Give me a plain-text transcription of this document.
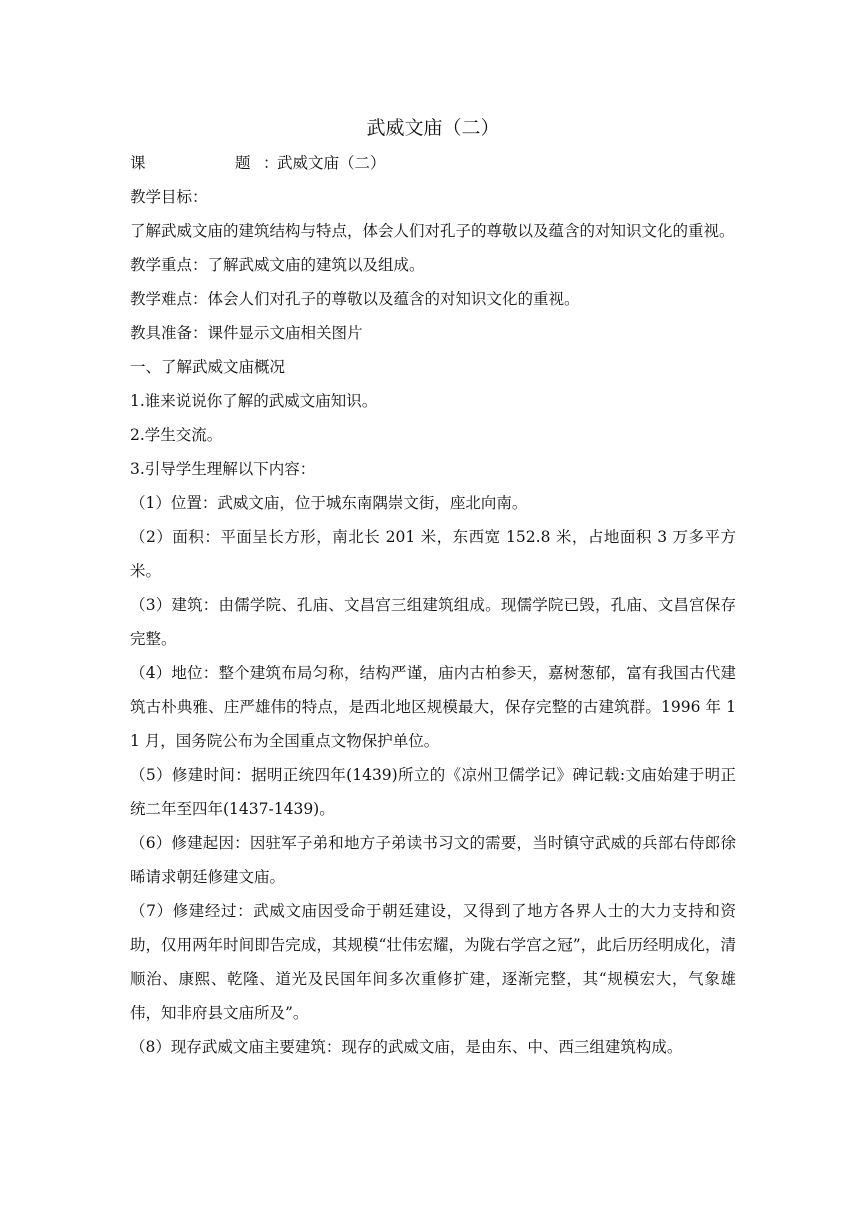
武威文庙（二）
课	题 ：
武威文庙（二）

教学目标：

了解武威文庙的建筑结构与特点，体会人们对孔子的尊敬以及蕴含的对知识文化的重视。

教学重点：了解武威文庙的建筑以及组成。

教学难点：体会人们对孔子的尊敬以及蕴含的对知识文化的重视。

教具准备：课件显示文庙相关图片

一、了解武威文庙概况

1.谁来说说你了解的武威文庙知识。

2.学生交流。

3.引导学生理解以下内容：

（1）位置：武威文庙，位于城东南隅崇文街，座北向南。

（2）面积：平面呈长方形，南北长 201 米，东西宽 152.8 米，占地面积 3 万多平方米。

（3）建筑：由儒学院、孔庙、文昌宫三组建筑组成。现儒学院已毁，孔庙、文昌宫保存完整。

（4）地位：整个建筑布局匀称，结构严谨，庙内古柏参天，嘉树葱郁，富有我国古代建筑古朴典雅、庄严雄伟的特点，是西北地区规模最大，保存完整的古建筑群。1996 年 11 月，国务院公布为全国重点文物保护单位。

（5）修建时间：据明正统四年(1439)所立的《凉州卫儒学记》碑记载:文庙始建于明正统二年至四年(1437-1439)。

（6）修建起因：因驻军子弟和地方子弟读书习文的需要，当时镇守武威的兵部右侍郎徐晞请求朝廷修建文庙。

（7）修建经过：武威文庙因受命于朝廷建设，又得到了地方各界人士的大力支持和资助，仅用两年时间即告完成，其规模“壮伟宏耀，为陇右学宫之冠”，此后历经明成化，清顺治、康熙、乾隆、道光及民国年间多次重修扩建，逐渐完整，其“规模宏大，气象雄伟，知非府县文庙所及”。

（8）现存武威文庙主要建筑：现存的武威文庙，是由东、中、西三组建筑构成。
